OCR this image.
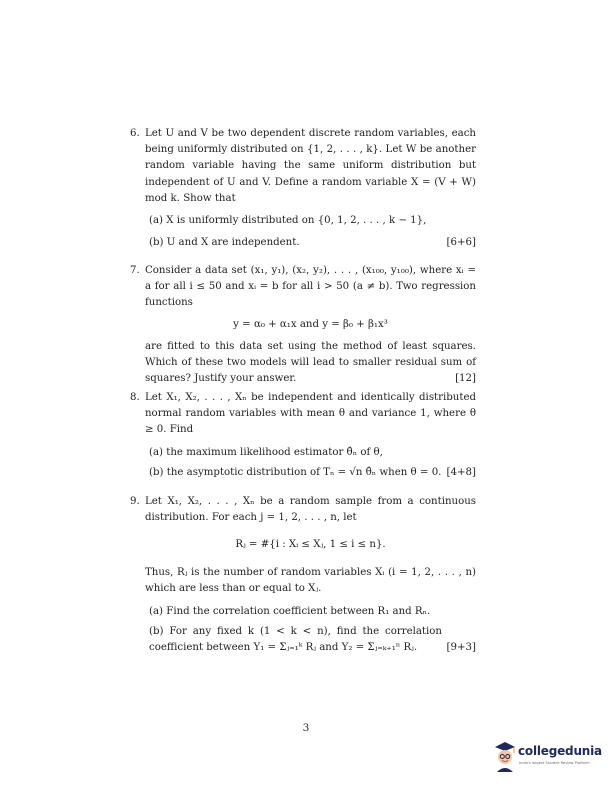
6. Let U and V be two dependent discrete random variables, each being uniformly distributed on {1, 2, . . . , k}. Let W be another random variable having the same uniform distribution but independent of U and V. Define a random variable X = (V + W) mod k. Show that

(a) X is uniformly distributed on {0, 1, 2, . . . , k − 1},
(b) U and X are independent.	[6+6]
7. Consider a data set (x₁, y₁), (x₂, y₂), . . . , (x₁₀₀, y₁₀₀), where xᵢ = a for all i ≤ 50 and xᵢ = b for all i > 50 (a ≠ b). Two regression functions

y = α₀ + α₁x and y = β₀ + β₁x³

are fitted to this data set using the method of least squares. Which of these two models will lead to smaller residual sum of squares? Justify your answer.	[12]
8. Let X₁, X₂, . . . , Xₙ be independent and identically distributed normal random variables with mean θ and variance 1, where θ ≥ 0. Find

(a) the maximum likelihood estimator θ̂ₙ of θ,
(b) the asymptotic distribution of Tₙ = √n θ̂ₙ when θ = 0. [4+8]
9. Let X₁, X₂, . . . , Xₙ be a random sample from a continuous distribution. For each j = 1, 2, . . . , n, let

Rⱼ = #{i : Xᵢ ≤ Xⱼ, 1 ≤ i ≤ n}.

Thus, Rⱼ is the number of random variables Xᵢ (i = 1, 2, . . . , n) which are less than or equal to Xⱼ.

(a) Find the correlation coefficient between R₁ and Rₙ.
(b) For any fixed k (1 < k < n), find the correlation coefficient between Y₁ = Σⱼ₌₁ᵏ Rⱼ and Y₂ = Σⱼ₌ₖ₊₁ⁿ Rⱼ.	[9+3]
3
collegedunia
India's largest Student Review Platform
